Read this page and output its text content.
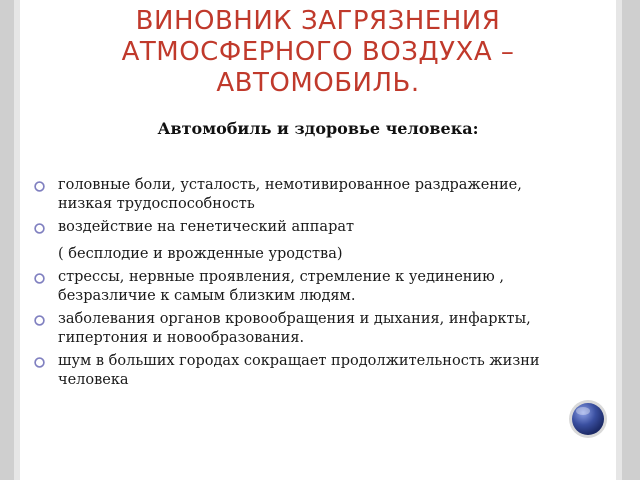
ВИНОВНИК ЗАГРЯЗНЕНИЯ
АТМОСФЕРНОГО ВОЗДУХА –
АВТОМОБИЛЬ.
Автомобиль и здоровье человека:
головные боли, усталость, немотивированное раздражение, низкая трудоспособность
воздействие на генетический аппарат
( бесплодие и врожденные уродства)
стрессы, нервные проявления, стремление к уединению , безразличие к самым близким людям.
заболевания органов кровообращения и дыхания, инфаркты, гипертония и новообразования.
шум в больших городах сокращает продолжительность жизни человека
